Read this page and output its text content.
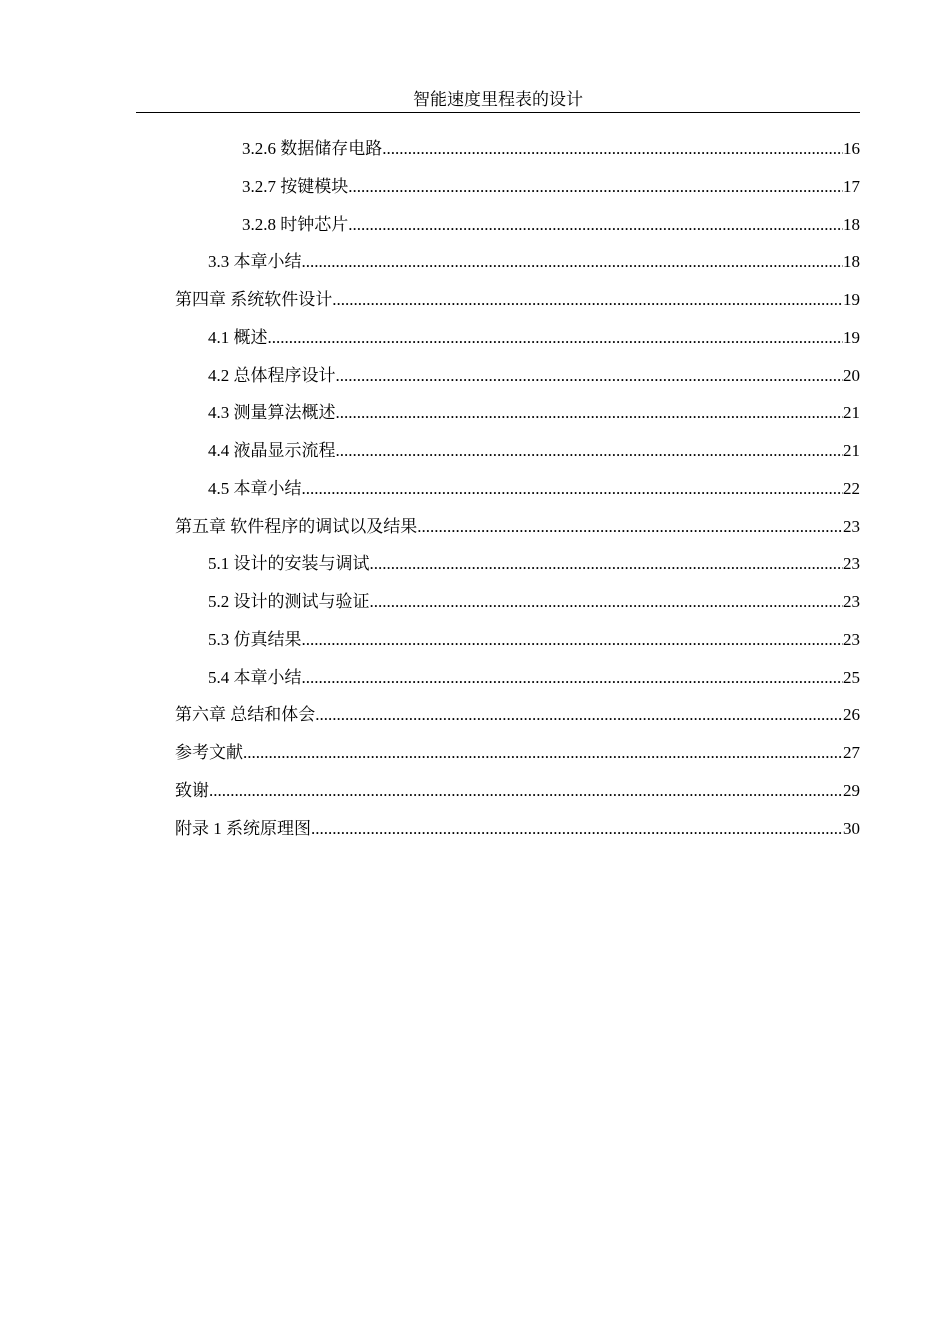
智能速度里程表的设计
3.2.6 数据储存电路 .....	16
3.2.7 按键模块 .....	17
3.2.8 时钟芯片 .....	18
3.3 本章小结 .....	18
第四章 系统软件设计 .....	19
4.1 概述 .....	19
4.2 总体程序设计 .....	20
4.3 测量算法概述 .....	21
4.4 液晶显示流程 .....	21
4.5 本章小结 .....	22
第五章 软件程序的调试以及结果 .....	23
5.1 设计的安装与调试 .....	23
5.2 设计的测试与验证 .....	23
5.3 仿真结果 .....	23
5.4 本章小结 .....	25
第六章 总结和体会 .....	26
参考文献 .....	27
致谢 .....	29
附录 1 系统原理图 .....	30
